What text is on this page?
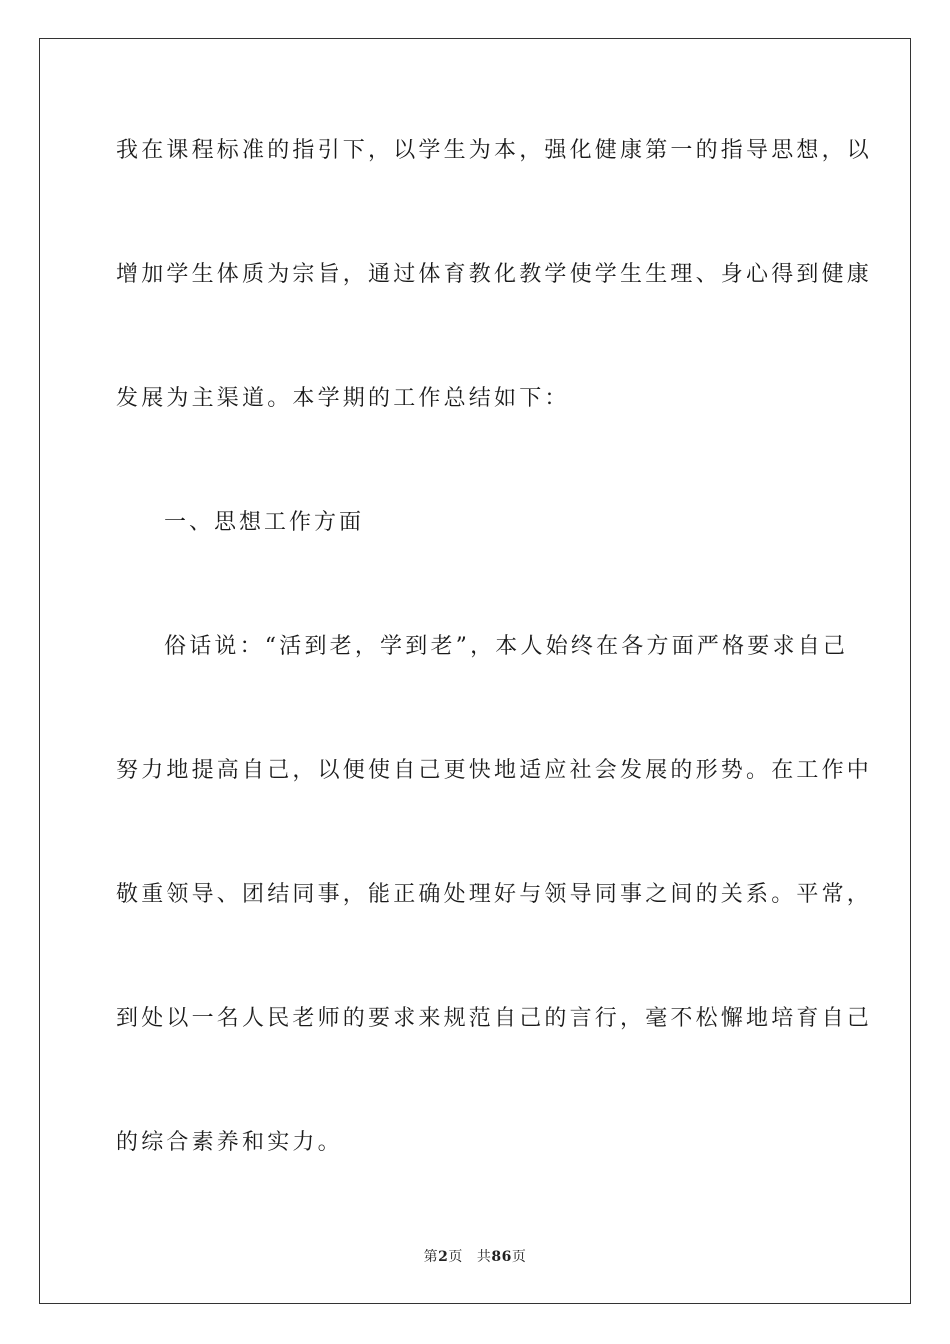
我在课程标准的指引下，以学生为本，强化健康第一的指导思想，以
增加学生体质为宗旨，通过体育教化教学使学生生理、身心得到健康
发展为主渠道。本学期的工作总结如下：
一、思想工作方面
俗话说：“活到老，学到老”，本人始终在各方面严格要求自己
努力地提高自己，以便使自己更快地适应社会发展的形势。在工作中
敬重领导、团结同事，能正确处理好与领导同事之间的关系。平常，
到处以一名人民老师的要求来规范自己的言行，毫不松懈地培育自己
的综合素养和实力。
第2页 共86页
